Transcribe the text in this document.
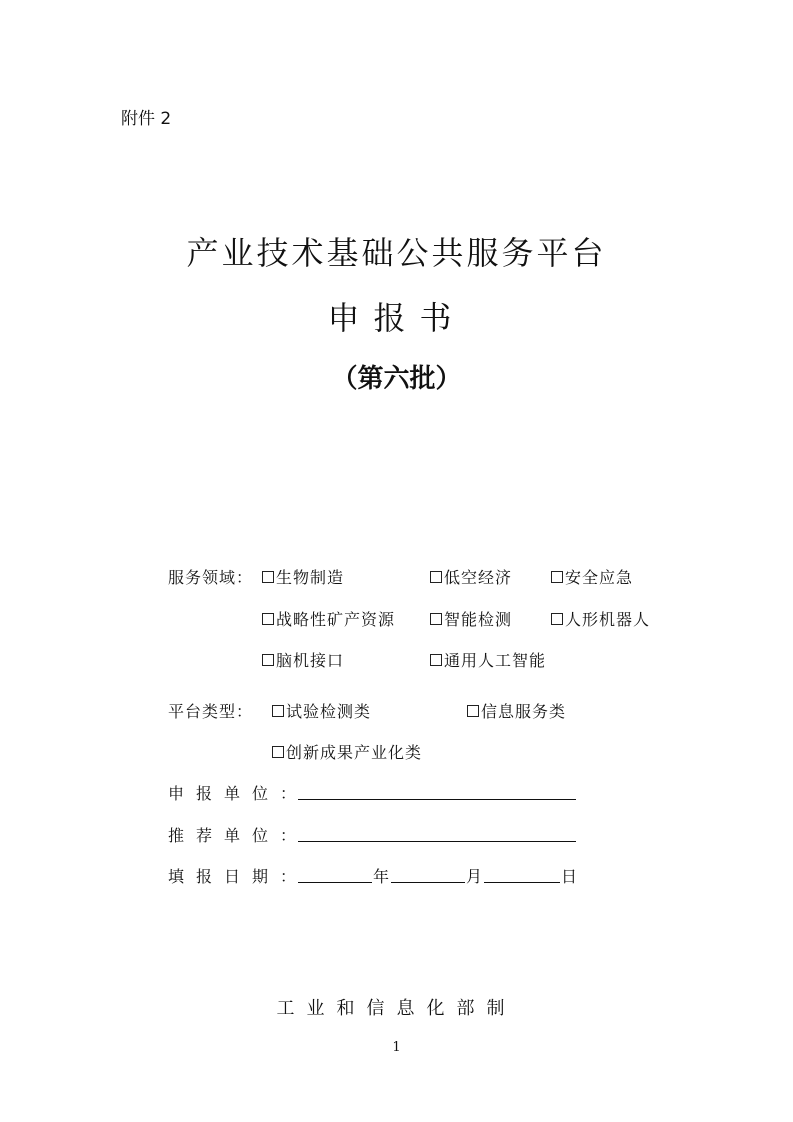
附件 2
产业技术基础公共服务平台
申报书
（第六批）
服务领域： 生物制造	低空经济	安全应急
战略性矿产资源	智能检测	人形机器人
脑机接口	通用人工智能
平台类型： 试验检测类	信息服务类
创新成果产业化类
申报单位：
推荐单位：
填报日期：	年	月	日
工业和信息化部制
1
